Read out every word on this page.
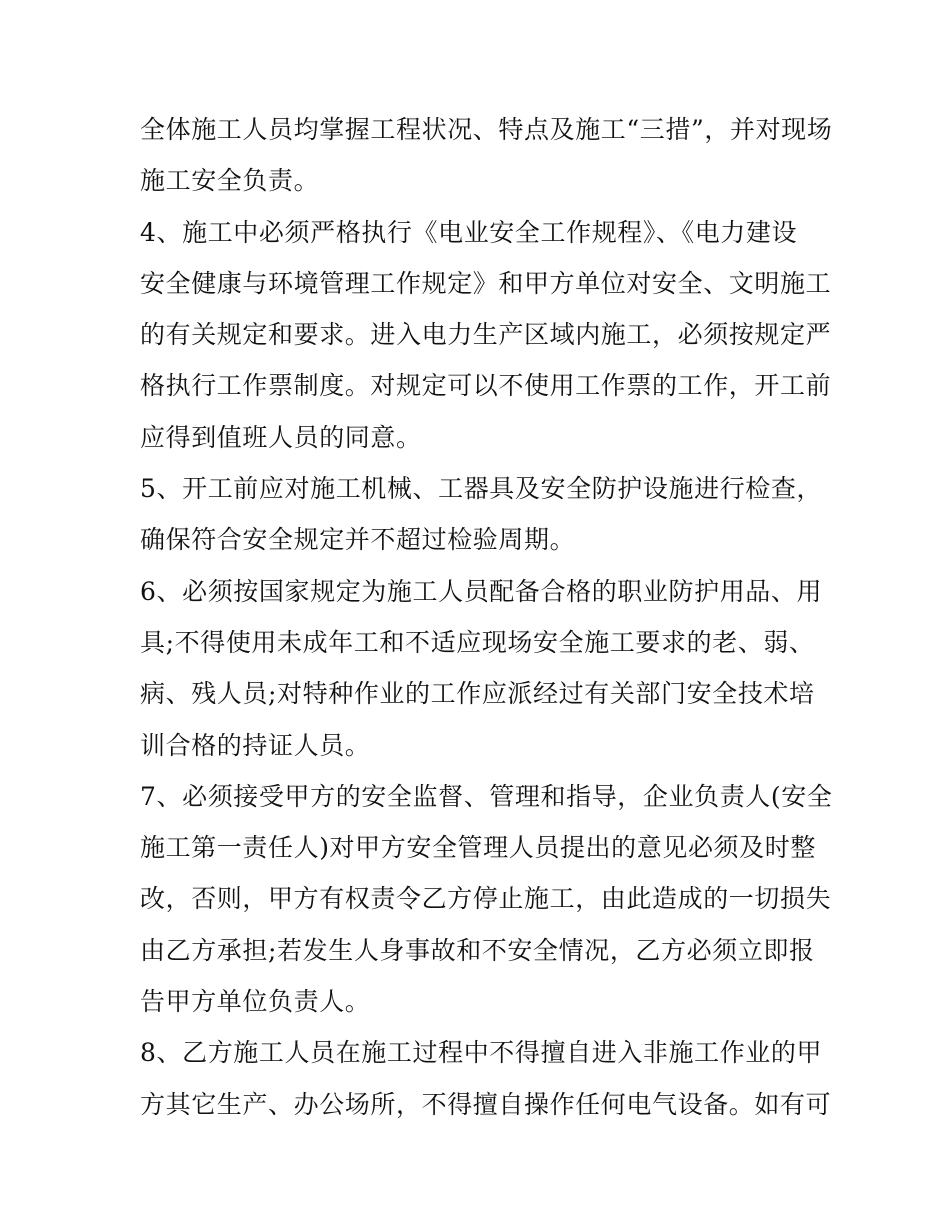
全体施工人员均掌握工程状况、特点及施工“三措”，并对现场
施工安全负责。
4、施工中必须严格执行《电业安全工作规程》、《电力建设
安全健康与环境管理工作规定》和甲方单位对安全、文明施工
的有关规定和要求。进入电力生产区域内施工，必须按规定严
格执行工作票制度。对规定可以不使用工作票的工作，开工前
应得到值班人员的同意。
5、开工前应对施工机械、工器具及安全防护设施进行检查，
确保符合安全规定并不超过检验周期。
6、必须按国家规定为施工人员配备合格的职业防护用品、用
具;不得使用未成年工和不适应现场安全施工要求的老、弱、
病、残人员;对特种作业的工作应派经过有关部门安全技术培
训合格的持证人员。
7、必须接受甲方的安全监督、管理和指导，企业负责人(安全
施工第一责任人)对甲方安全管理人员提出的意见必须及时整
改，否则，甲方有权责令乙方停止施工，由此造成的一切损失
由乙方承担;若发生人身事故和不安全情况，乙方必须立即报
告甲方单位负责人。
8、乙方施工人员在施工过程中不得擅自进入非施工作业的甲
方其它生产、办公场所，不得擅自操作任何电气设备。如有可
